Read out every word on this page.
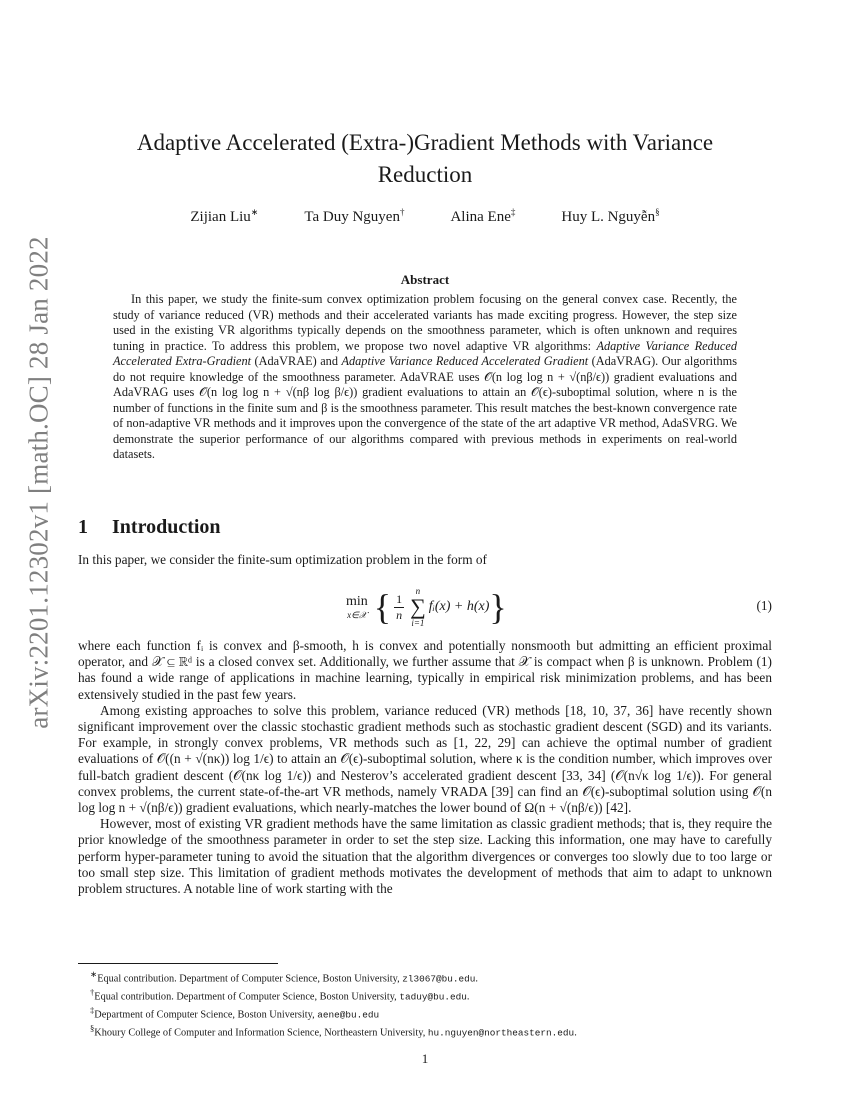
arXiv:2201.12302v1 [math.OC] 28 Jan 2022
Adaptive Accelerated (Extra-)Gradient Methods with Variance Reduction
Zijian Liu∗	Ta Duy Nguyen†	Alina Ene‡	Huy L. Nguyễn§
Abstract

In this paper, we study the finite-sum convex optimization problem focusing on the general convex case. Recently, the study of variance reduced (VR) methods and their accelerated variants has made exciting progress. However, the step size used in the existing VR algorithms typically depends on the smoothness parameter, which is often unknown and requires tuning in practice. To address this problem, we propose two novel adaptive VR algorithms: Adaptive Variance Reduced Accelerated Extra-Gradient (AdaVRAE) and Adaptive Variance Reduced Accelerated Gradient (AdaVRAG). Our algorithms do not require knowledge of the smoothness parameter. AdaVRAE uses 𝒪(n log log n + √(nβ/ϵ)) gradient evaluations and AdaVRAG uses 𝒪(n log log n + √(nβ log β/ϵ)) gradient evaluations to attain an 𝒪(ϵ)-suboptimal solution, where n is the number of functions in the finite sum and β is the smoothness parameter. This result matches the best-known convergence rate of non-adaptive VR methods and it improves upon the convergence of the state of the art adaptive VR method, AdaSVRG. We demonstrate the superior performance of our algorithms compared with previous methods in experiments on real-world datasets.

1 Introduction

In this paper, we consider the finite-sum optimization problem in the form of

min
x∈𝒳 { $\frac{1}{n}$
n
∑
i=1
fᵢ(x) + h(x) }	(1)

where each function fᵢ is convex and β-smooth, h is convex and potentially nonsmooth but admitting an efficient proximal operator, and 𝒳 ⊆ ℝᵈ is a closed convex set. Additionally, we further assume that 𝒳 is compact when β is unknown. Problem (1) has found a wide range of applications in machine learning, typically in empirical risk minimization problems, and has been extensively studied in the past few years.

Among existing approaches to solve this problem, variance reduced (VR) methods [18, 10, 37, 36] have recently shown significant improvement over the classic stochastic gradient methods such as stochastic gradient descent (SGD) and its variants. For example, in strongly convex problems, VR methods such as [1, 22, 29] can achieve the optimal number of gradient evaluations of 𝒪((n + √(nκ)) log 1/ϵ) to attain an 𝒪(ϵ)-suboptimal solution, where κ is the condition number, which improves over full-batch gradient descent (𝒪(nκ log 1/ϵ)) and Nesterov’s accelerated gradient descent [33, 34] (𝒪(n√κ log 1/ϵ)). For general convex problems, the current state-of-the-art VR methods, namely VRADA [39] can find an 𝒪(ϵ)-suboptimal solution using 𝒪(n log log n + √(nβ/ϵ)) gradient evaluations, which nearly-matches the lower bound of Ω(n + √(nβ/ϵ)) [42].

However, most of existing VR gradient methods have the same limitation as classic gradient methods; that is, they require the prior knowledge of the smoothness parameter in order to set the step size. Lacking this information, one may have to carefully perform hyper-parameter tuning to avoid the situation that the algorithm divergences or converges too slowly due to too large or too small step size. This limitation of gradient methods motivates the development of methods that aim to adapt to unknown problem structures. A notable line of work starting with the

∗Equal contribution. Department of Computer Science, Boston University, zl3067@bu.edu.
†Equal contribution. Department of Computer Science, Boston University, taduy@bu.edu.
‡Department of Computer Science, Boston University, aene@bu.edu
§Khoury College of Computer and Information Science, Northeastern University, hu.nguyen@northeastern.edu.
1
